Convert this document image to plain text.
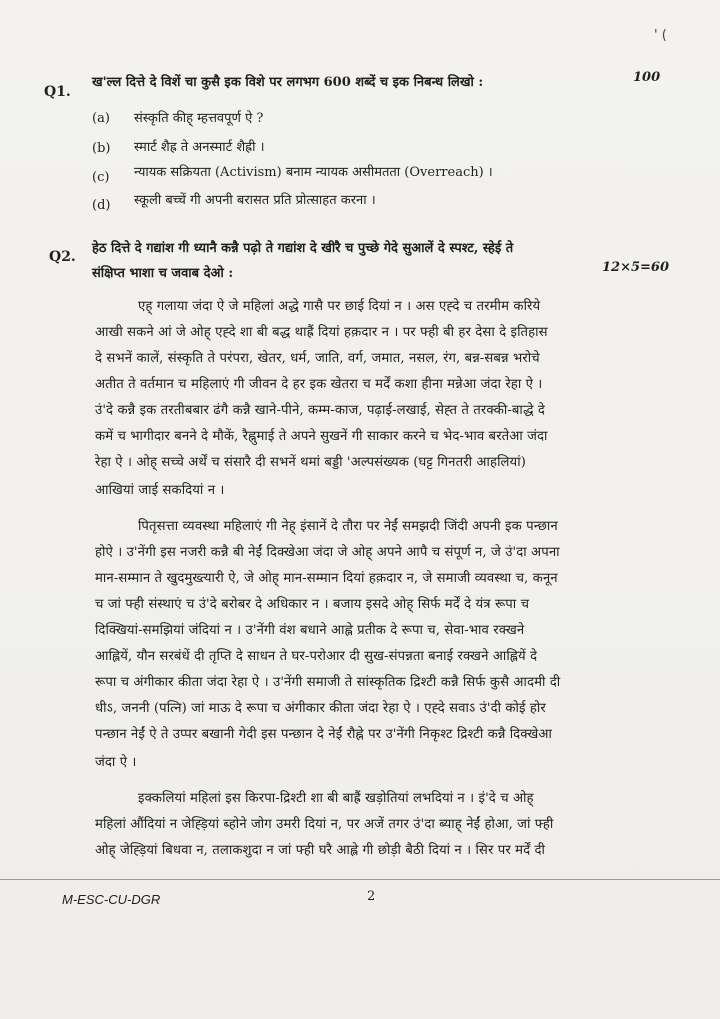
' (
Q1.
ख'ल्ल दित्ते दे विशें चा कुसै इक विशे पर लगभग 600 शब्दें च इक निबन्ध लिखो :	100
(a) संस्कृति कीह् म्हत्तवपूर्ण ऐ ?
(b) स्मार्ट शैह्र ते अनस्मार्ट शैह्री ।
(c) न्यायक सक्रियता (Activism) बनाम न्यायक असीमतता (Overreach) ।
(d) स्कूली बच्चें गी अपनी बरासत प्रति प्रोत्साहत करना ।
Q2.
हेठ दित्ते दे गद्यांश गी ध्यानै कन्नै पढ़ो ते गद्यांश दे खीरै च पुच्छे गेदे सुआलें दे स्पश्ट, स्हेई ते
संक्षिप्त भाशा च जवाब देओ :	12×5=60
एह् गलाया जंदा ऐ जे महिलां अद्धे गासै पर छाई दियां न । अस एह्दे च तरमीम करिये
आखी सकने आं जे ओह् एह्दे शा बी बद्ध थाह्रैं दियां हक़दार न । पर फ्ही बी हर देसा दे इतिहास
दे सभनें कालें, संस्कृति ते परंपरा, खेतर, धर्म, जाति, वर्ग, जमात, नसल, रंग, बन्न-सबन्न भरोचे
अतीत ते वर्तमान च महिलाएं गी जीवन दे हर इक खेतरा च मर्दें कशा हीना मन्नेआ जंदा रेहा ऐ ।
उं'दे कन्नै इक तरतीबबार ढंगै कन्नै खाने-पीने, कम्म-काज, पढ़ाई-लखाई, सेह्त ते तरक्की-बाद्धे दे
कमें च भागीदार बनने दे मौकें, रैह्नुमाई ते अपने सुखनें गी साकार करने च भेद-भाव बरतेआ जंदा
रेहा ऐ । ओह् सच्चे अर्थें च संसारै दी सभनें थमां बड्डी 'अल्पसंख्यक (घट्ट गिनतरी आहलियां)
आखियां जाई सकदियां न ।
पितृसत्ता व्यवस्था महिलाएं गी नेह् इंसानें दे तौरा पर नेईं समझदी जिंदी अपनी इक पन्छान
होऐ । उ'नेंगी इस नजरी कन्नै बी नेईं दिक्खेआ जंदा जे ओह् अपने आपै च संपूर्ण न, जे उं'दा अपना
मान-सम्मान ते खुदमुख्त्यारी ऐ, जे ओह् मान-सम्मान दियां हक़दार न, जे समाजी व्यवस्था च, कनून
च जां फ्ही संस्थाएं च उं'दे बरोबर दे अधिकार न । बजाय इसदे ओह् सिर्फ मर्दें दे यंत्र रूपा च
दिक्खियां-समझियां जंदियां न । उ'नेंगी वंश बधाने आह्ले प्रतीक दे रूपा च, सेवा-भाव रक्खने
आह्लियें, यौन सरबंधें दी तृप्ति दे साधन ते घर-परोआर दी सुख-संपन्नता बनाई रक्खने आह्लियें दे
रूपा च अंगीकार कीता जंदा रेहा ऐ । उ'नेंगी समाजी ते सांस्कृतिक द्रिश्टी कन्नै सिर्फ कुसै आदमी दी
धीऽ, जननी (पत्नि) जां माऊ दे रूपा च अंगीकार कीता जंदा रेहा ऐ । एह्दे सवाऽ उं'दी कोई होर
पन्छान नेईं ऐ ते उप्पर बखानी गेदी इस पन्छान दे नेईं रौह्ने पर उ'नेंगी निकृश्ट द्रिश्टी कन्नै दिक्खेआ
जंदा ऐ ।
इक्कलियां महिलां इस किरपा-द्रिश्टी शा बी बाह्रैं खड़ोतियां लभदियां न । इं'दे च ओह्
महिलां औंदियां न जेह्ड़ियां ब्होने जोग उमरी दियां न, पर अजें तगर उं'दा ब्याह् नेईं होआ, जां फ्ही
ओह् जेह्ड़ियां बिधवा न, तलाकशुदा न जां फ्ही घरै आह्ले गी छोड़ी बैठी दियां न । सिर पर मर्दें दी
M-ESC-CU-DGR	2
